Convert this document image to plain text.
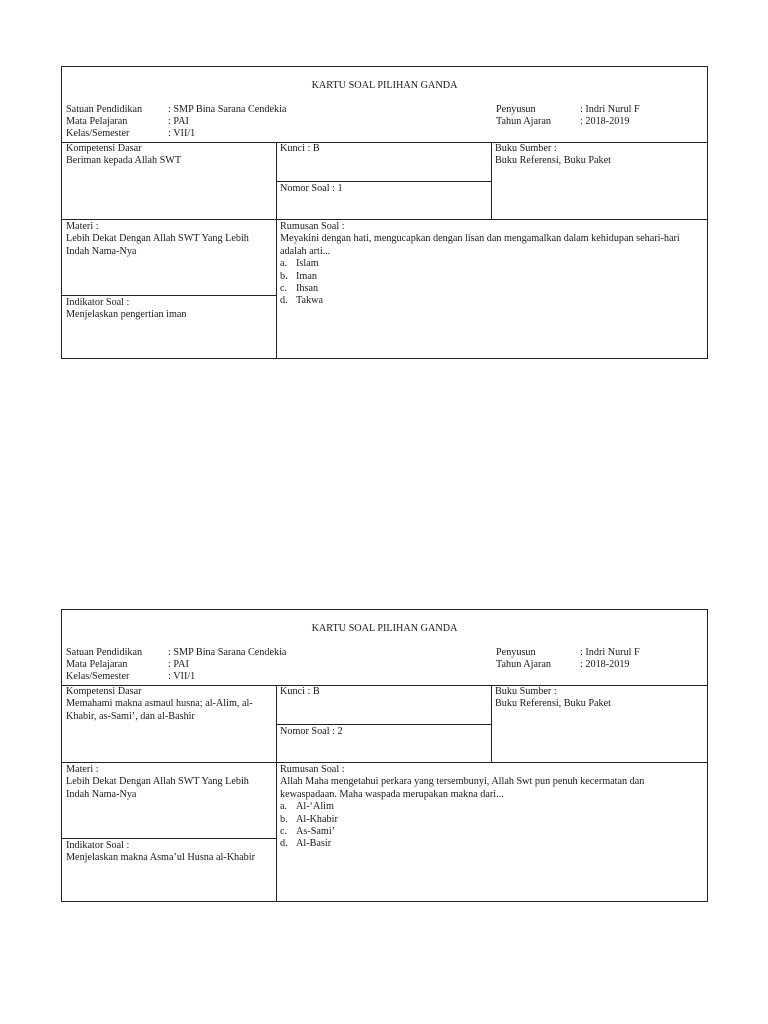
KARTU SOAL PILIHAN GANDA
Satuan Pendidikan	: SMP Bina Sarana Cendekia
Mata Pelajaran	: PAI
Kelas/Semester	: VII/1
Penyusun	: Indri Nurul F
Tahun Ajaran	: 2018-2019
Kompetensi Dasar
Beriman kepada Allah SWT
Kunci : B
Nomor Soal : 1
Buku Sumber :
Buku Referensi, Buku Paket
Materi :
Lebih Dekat Dengan Allah SWT Yang Lebih Indah Nama-Nya
Indikator Soal :
Menjelaskan pengertian iman
Rumusan Soal :
Meyakini dengan hati, mengucapkan dengan lisan dan mengamalkan dalam kehidupan sehari-hari adalah arti...
a. Islam
b. Iman
c. Ihsan
d. Takwa
KARTU SOAL PILIHAN GANDA
Satuan Pendidikan	: SMP Bina Sarana Cendekia
Mata Pelajaran	: PAI
Kelas/Semester	: VII/1
Penyusun	: Indri Nurul F
Tahun Ajaran	: 2018-2019
Kompetensi Dasar
Memahami makna asmaul husna; al-Alim, al-Khabir, as-Sami’, dan al-Bashir
Kunci : B
Nomor Soal : 2
Buku Sumber :
Buku Referensi, Buku Paket
Materi :
Lebih Dekat Dengan Allah SWT Yang Lebih Indah Nama-Nya
Indikator Soal :
Menjelaskan makna Asma’ul Husna al-Khabir
Rumusan Soal :
Allah Maha mengetahui perkara yang tersembunyi, Allah Swt pun penuh kecermatan dan kewaspadaan. Maha waspada merupakan makna dari...
a. Al-‘Alim
b. Al-Khabir
c. As-Sami’
d. Al-Basir
